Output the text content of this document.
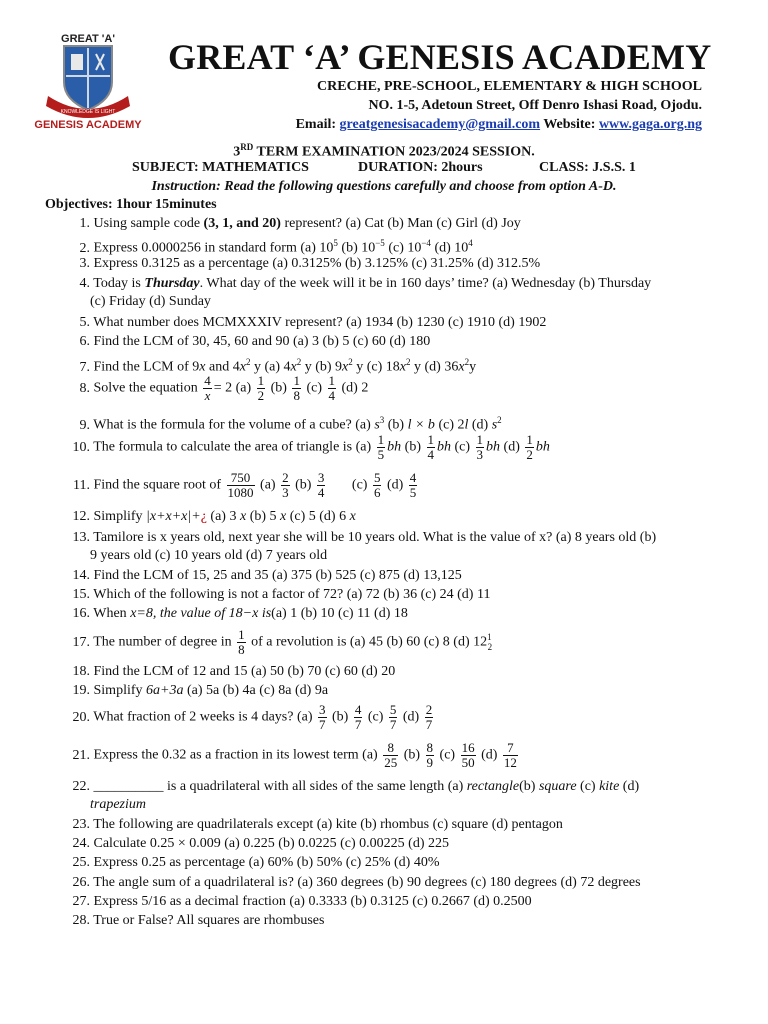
GREAT 'A'
KNOWLEDGE IS LIGHT
GENESIS ACADEMY
GREAT ‘A’ GENESIS ACADEMY
CRECHE, PRE-SCHOOL, ELEMENTARY & HIGH SCHOOL
NO. 1-5, Adetoun Street, Off Denro Ishasi Road, Ojodu.
Email: greatgenesisacademy@gmail.com Website: www.gaga.org.ng
3RD TERM EXAMINATION 2023/2024 SESSION.
SUBJECT: MATHEMATICS	DURATION: 2hours	CLASS: J.S.S. 1
Instruction: Read the following questions carefully and choose from option A-D.
Objectives: 1hour 15minutes
1. Using sample code (3, 1, and 20) represent? (a) Cat (b) Man (c) Girl (d) Joy
2. Express 0.0000256 in standard form (a) $10^5$ (b) $10^{-5}$ (c) $10^{-4}$ (d) $10^4$
3. Express 0.3125 as a percentage (a) 0.3125% (b) 3.125% (c) 31.25% (d) 312.5%
4. Today is Thursday. What day of the week will it be in 160 days’ time? (a) Wednesday (b) Thursday
(c) Friday (d) Sunday
5. What number does MCMXXXIV represent? (a) 1934 (b) 1230 (c) 1910 (d) 1902
6. Find the LCM of 30, 45, 60 and 90 (a) 3 (b) 5 (c) 60 (d) 180
7. Find the LCM of 9x and $4x^2$ y (a) $4x^2$ y (b) $9x^2$ y (c) $18x^2$ y (d) $36x^2y$
8. Solve the equation $\frac{4}{x} = 2$ $(a) \frac{1}{2} (b) \frac{1}{8} (c) \frac{1}{4} (d)$ 2
9. What is the formula for the volume of a cube? (a) $s^3$ (b) l × b (c) 2l (d) $s^2$
10. The formula to calculate the area of triangle is $(a) \frac{1}{5}$ bh $(b) \frac{1}{4}$ bh $(c) \frac{1}{3}$ bh $(d) \frac{1}{2}$ bh
11. Find the square root of $\frac{750}{1080} (a) \frac{2}{3} (b) \frac{3}{4} (c) \frac{5}{6} (d) \frac{4}{5}$
12. Simplify |x+x+x|+¿ (a) 3 x (b) 5 x (c) 5 (d) 6 x
13. Tamilore is x years old, next year she will be 10 years old. What is the value of x? (a) 8 years old (b)
9 years old (c) 10 years old (d) 7 years old
14. Find the LCM of 15, 25 and 35 (a) 375 (b) 525 (c) 875 (d) 13,125
15. Which of the following is not a factor of 72? (a) 72 (b) 36 (c) 24 (d) 11
16. When x=8, the value of 18−x is(a) 1 (b) 10 (c) 11 (d) 18
17. The number of degree in $\frac{1}{8}$ of a revolution is (a) 45 (b) 60 (c) 8 (d) $12^1_2$
18. Find the LCM of 12 and 15 (a) 50 (b) 70 (c) 60 (d) 20
19. Simplify 6a+3a (a) 5a (b) 4a (c) 8a (d) 9a
20. What fraction of 2 weeks is 4 days? $(a) \frac{3}{7} (b) \frac{4}{7} (c) \frac{5}{7} (d) \frac{2}{7}$
21. Express the 0.32 as a fraction in its lowest term $(a) \frac{8}{25} (b) \frac{8}{9} (c) \frac{16}{50} (d) \frac{7}{12}$
22. __________ is a quadrilateral with all sides of the same length (a) rectangle(b) square (c) kite (d)
trapezium
23. The following are quadrilaterals except (a) kite (b) rhombus (c) square (d) pentagon
24. Calculate 0.25 × 0.009 (a) 0.225 (b) 0.0225 (c) 0.00225 (d) 225
25. Express 0.25 as percentage (a) 60% (b) 50% (c) 25% (d) 40%
26. The angle sum of a quadrilateral is? (a) 360 degrees (b) 90 degrees (c) 180 degrees (d) 72 degrees
27. Express 5/16 as a decimal fraction (a) 0.3333 (b) 0.3125 (c) 0.2667 (d) 0.2500
28. True or False? All squares are rhombuses
